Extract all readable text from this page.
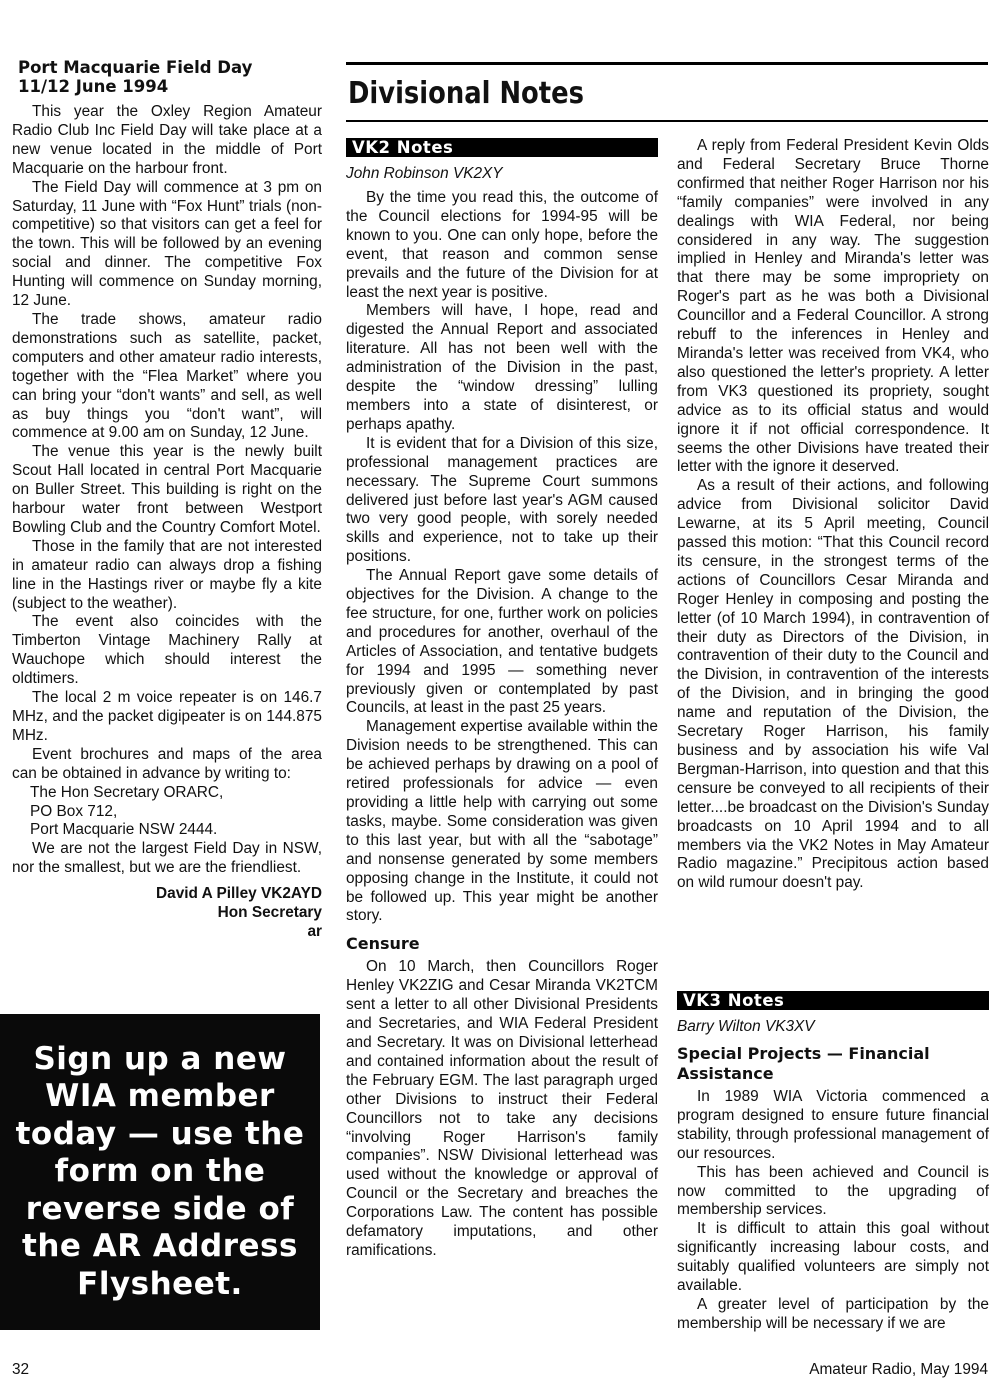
Port Macquarie Field Day
11/12 June 1994

This year the Oxley Region Amateur Radio Club Inc Field Day will take place at a new venue located in the middle of Port Macquarie on the harbour front.

The Field Day will commence at 3 pm on Saturday, 11 June with “Fox Hunt” trials (non-competitive) so that visitors can get a feel for the town. This will be followed by an evening social and dinner. The competitive Fox Hunting will commence on Sunday morning, 12 June.

The trade shows, amateur radio demonstrations such as satellite, packet, computers and other amateur radio interests, together with the “Flea Market” where you can bring your “don't wants” and sell, as well as buy things you “don't want”, will commence at 9.00 am on Sunday, 12 June.

The venue this year is the newly built Scout Hall located in central Port Macquarie on Buller Street. This building is right on the harbour water front between Westport Bowling Club and the Country Comfort Motel.

Those in the family that are not interested in amateur radio can always drop a fishing line in the Hastings river or maybe fly a kite (subject to the weather).

The event also coincides with the Timberton Vintage Machinery Rally at Wauchope which should interest the oldtimers.

The local 2 m voice repeater is on 146.7 MHz, and the packet digipeater is on 144.875 MHz.

Event brochures and maps of the area can be obtained in advance by writing to:

The Hon Secretary ORARC,

PO Box 712,

Port Macquarie NSW 2444.

We are not the largest Field Day in NSW, nor the smallest, but we are the friendliest.

David A Pilley VK2AYD
Hon Secretary
ar
Sign up a new WIA member today — use the form on the reverse side of the AR Address Flysheet.
Divisional Notes
VK2 Notes
John Robinson VK2XY

By the time you read this, the outcome of the Council elections for 1994-95 will be known to you. One can only hope, before the event, that reason and common sense prevails and the future of the Division for at least the next year is positive.

Members will have, I hope, read and digested the Annual Report and associated literature. All has not been well with the administration of the Division in the past, despite the “window dressing” lulling members into a state of disinterest, or perhaps apathy.

It is evident that for a Division of this size, professional management practices are necessary. The Supreme Court summons delivered just before last year's AGM caused two very good people, with sorely needed skills and experience, not to take up their positions.

The Annual Report gave some details of objectives for the Division. A change to the fee structure, for one, further work on policies and procedures for another, overhaul of the Articles of Association, and tentative budgets for 1994 and 1995 — something never previously given or contemplated by past Councils, at least in the past 25 years.

Management expertise available within the Division needs to be strengthened. This can be achieved perhaps by drawing on a pool of retired professionals for advice — even providing a little help with carrying out some tasks, maybe. Some consideration was given to this last year, but with all the “sabotage” and nonsense generated by some members opposing change in the Institute, it could not be followed up. This year might be another story.

Censure

On 10 March, then Councillors Roger Henley VK2ZIG and Cesar Miranda VK2TCM sent a letter to all other Divisional Presidents and Secretaries, and WIA Federal President and Secretary. It was on Divisional letterhead and contained information about the result of the February EGM. The last paragraph urged other Divisions to instruct their Federal Councillors not to take any decisions “involving Roger Harrison's family companies”. NSW Divisional letterhead was used without the knowledge or approval of Council or the Secretary and breaches the Corporations Law. The content has possible defamatory imputations, and other ramifications.

A reply from Federal President Kevin Olds and Federal Secretary Bruce Thorne confirmed that neither Roger Harrison nor his “family companies” were involved in any dealings with WIA Federal, nor being considered in any way. The suggestion implied in Henley and Miranda's letter was that there may be some impropriety on Roger's part as he was both a Divisional Councillor and a Federal Councillor. A strong rebuff to the inferences in Henley and Miranda's letter was received from VK4, who also questioned the letter's propriety. A letter from VK3 questioned its propriety, sought advice as to its official status and would ignore it if not official correspondence. It seems the other Divisions have treated their letter with the ignore it deserved.

As a result of their actions, and following advice from Divisional solicitor David Lewarne, at its 5 April meeting, Council passed this motion: “That this Council record its censure, in the strongest terms of the actions of Councillors Cesar Miranda and Roger Henley in composing and posting the letter (of 10 March 1994), in contravention of their duty as Directors of the Division, in contravention of their duty to the Council and the Division, in contravention of the interests of the Division, and in bringing the good name and reputation of the Division, the Secretary Roger Harrison, his family business and by association his wife Val Bergman-Harrison, into question and that this censure be conveyed to all recipients of their letter....be broadcast on the Division's Sunday broadcasts on 10 April 1994 and to all members via the VK2 Notes in May Amateur Radio magazine.” Precipitous action based on wild rumour doesn't pay.

VK3 Notes
Barry Wilton VK3XV
Special Projects — Financial Assistance

In 1989 WIA Victoria commenced a program designed to ensure future financial stability, through professional management of our resources.

This has been achieved and Council is now committed to the upgrading of membership services.

It is difficult to attain this goal without significantly increasing labour costs, and suitably qualified volunteers are simply not available.

A greater level of participation by the membership will be necessary if we are

32	Amateur Radio, May 1994
